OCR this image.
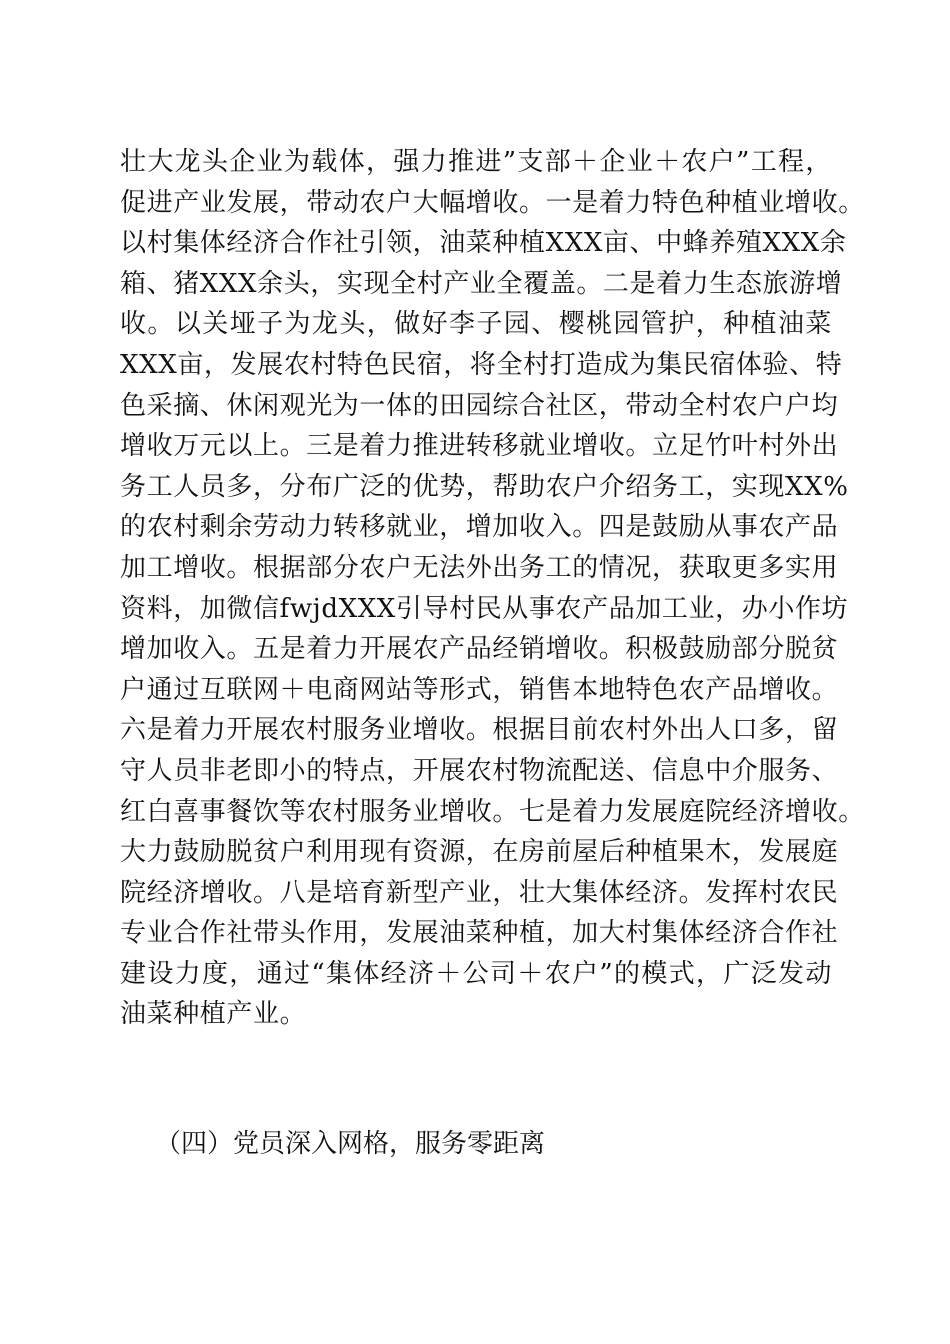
壮大龙头企业为载体，强力推进”支部＋企业＋农户”工程，
促进产业发展，带动农户大幅增收。一是着力特色种植业增收。
以村集体经济合作社引领，油菜种植XXX亩、中蜂养殖XXX余
箱、猪XXX余头，实现全村产业全覆盖。二是着力生态旅游增
收。以关垭子为龙头，做好李子园、樱桃园管护，种植油菜
XXX亩，发展农村特色民宿，将全村打造成为集民宿体验、特
色采摘、休闲观光为一体的田园综合社区，带动全村农户户均
增收万元以上。三是着力推进转移就业增收。立足竹叶村外出
务工人员多，分布广泛的优势，帮助农户介绍务工，实现XX%
的农村剩余劳动力转移就业，增加收入。四是鼓励从事农产品
加工增收。根据部分农户无法外出务工的情况，获取更多实用
资料，加微信fwjdXXX引导村民从事农产品加工业，办小作坊
增加收入。五是着力开展农产品经销增收。积极鼓励部分脱贫
户通过互联网＋电商网站等形式，销售本地特色农产品增收。
六是着力开展农村服务业增收。根据目前农村外出人口多，留
守人员非老即小的特点，开展农村物流配送、信息中介服务、
红白喜事餐饮等农村服务业增收。七是着力发展庭院经济增收。
大力鼓励脱贫户利用现有资源，在房前屋后种植果木，发展庭
院经济增收。八是培育新型产业，壮大集体经济。发挥村农民
专业合作社带头作用，发展油菜种植，加大村集体经济合作社
建设力度，通过“集体经济＋公司＋农户”的模式，广泛发动
油菜种植产业。

（四）党员深入网格，服务零距离
